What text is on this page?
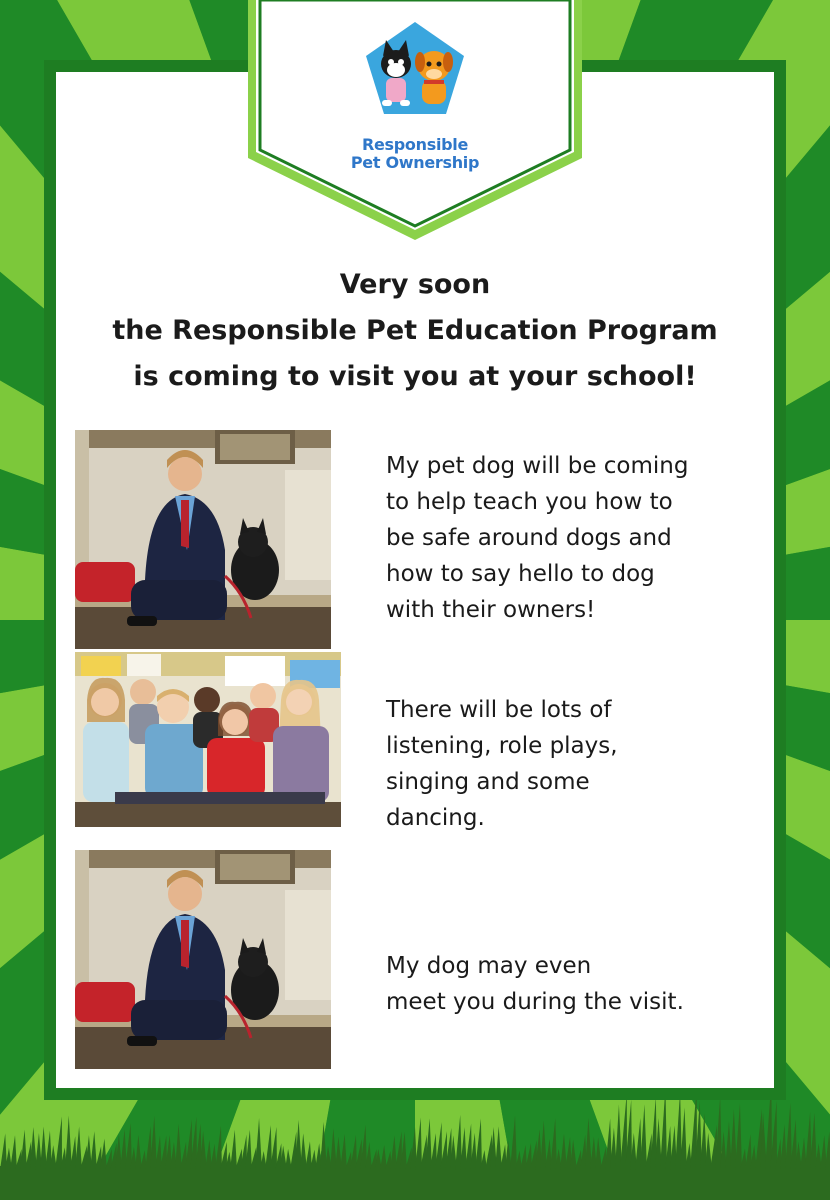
Responsible
Pet Ownership
Very soon
the Responsible Pet Education Program
is coming to visit you at your school!
My pet dog will be coming
to help teach you how to
be safe around dogs and
how to say hello to dog
with their owners!
There will be lots of
listening, role plays,
singing and some
dancing.
My dog may even
meet you during the visit.
